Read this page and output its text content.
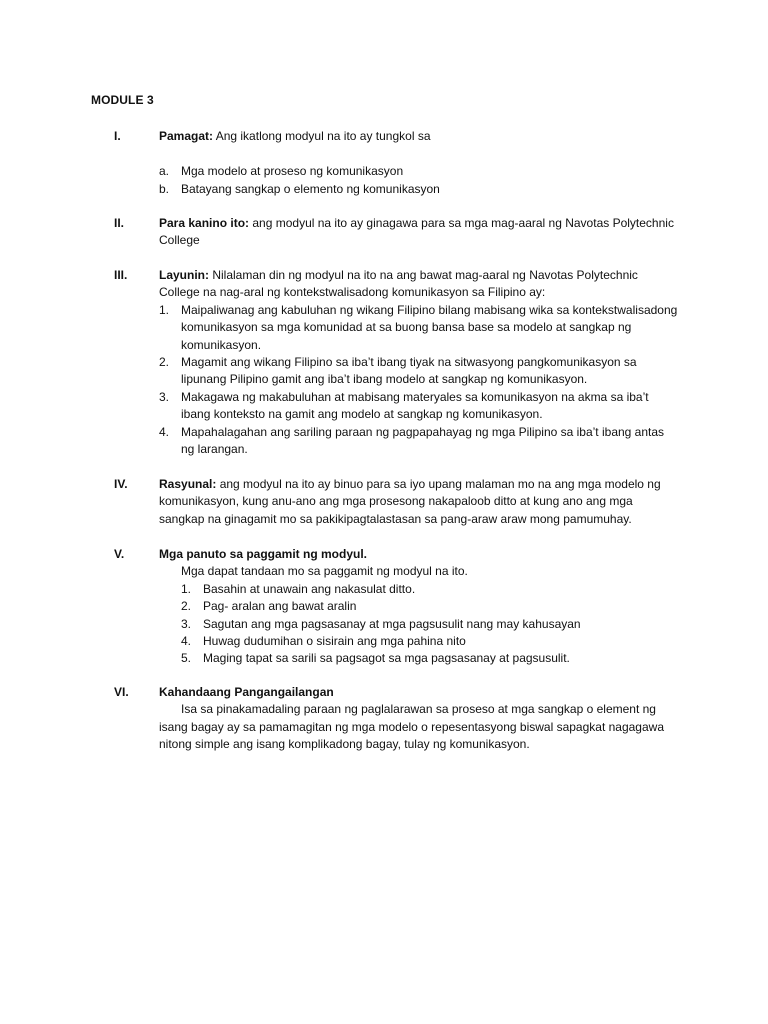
MODULE 3
I.	Pamagat: Ang ikatlong modyul na ito ay tungkol sa
a. Mga modelo at proseso ng komunikasyon
b. Batayang sangkap o elemento ng komunikasyon
II.	Para kanino ito: ang modyul na ito ay ginagawa para sa mga mag-aaral ng Navotas Polytechnic College
III.	Layunin: Nilalaman din ng modyul na ito na ang bawat mag-aaral ng Navotas Polytechnic College na nag-aral ng kontekstwalisadong komunikasyon sa Filipino ay:
1. Maipaliwanag ang kabuluhan ng wikang Filipino bilang mabisang wika sa kontekstwalisadong komunikasyon sa mga komunidad at sa buong bansa base sa modelo at sangkap ng komunikasyon.
2. Magamit ang wikang Filipino sa iba’t ibang tiyak na sitwasyong pangkomunikasyon sa lipunang Pilipino gamit ang iba’t ibang modelo at sangkap ng komunikasyon.
3. Makagawa ng makabuluhan at mabisang materyales sa komunikasyon na akma sa iba’t ibang konteksto na gamit ang modelo at sangkap ng komunikasyon.
4. Mapahalagahan ang sariling paraan ng pagpapahayag ng mga Pilipino sa iba’t ibang antas ng larangan.
IV.	Rasyunal: ang modyul na ito ay binuo para sa iyo upang malaman mo na ang mga modelo ng komunikasyon, kung anu-ano ang mga prosesong nakapaloob ditto at kung ano ang mga sangkap na ginagamit mo sa pakikipagtalastasan sa pang-araw araw mong pamumuhay.
V.	Mga panuto sa paggamit ng modyul.
Mga dapat tandaan mo sa paggamit ng modyul na ito.
1. Basahin at unawain ang nakasulat ditto.
2. Pag- aralan ang bawat aralin
3. Sagutan ang mga pagsasanay at mga pagsusulit nang may kahusayan
4. Huwag dudumihan o sisirain ang mga pahina nito
5. Maging tapat sa sarili sa pagsagot sa mga pagsasanay at pagsusulit.
VI.	Kahandaang Pangangailangan
Isa sa pinakamadaling paraan ng paglalarawan sa proseso at mga sangkap o element ng isang bagay ay sa pamamagitan ng mga modelo o repesentasyong biswal sapagkat nagagawa nitong simple ang isang komplikadong bagay, tulay ng komunikasyon.
